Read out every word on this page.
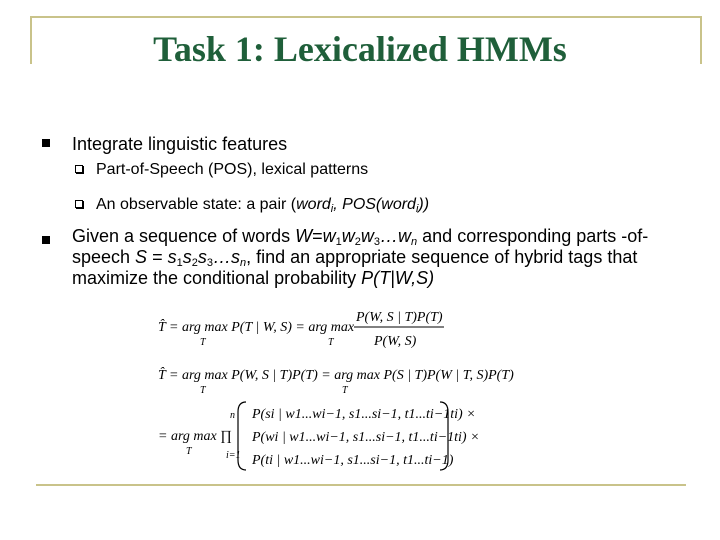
Task 1: Lexicalized HMMs
Integrate linguistic features
Part-of-Speech (POS), lexical patterns
An observable state: a pair (word$_i$, POS(word$_i$))
Given a sequence of words $W=w_1w_2w_3\dots w_n$ and corresponding parts -of-speech $S = s_1s_2s_3\dots s_n$, find an appropriate sequence of hybrid tags that maximize the conditional probability P(T|W,S)
T̂ = arg max P(T | W, S) = arg max
T	T
P(W, S | T)P(T)
P(W, S)
T̂ = arg max P(W, S | T)P(T) = arg max P(S | T)P(W | T, S)P(T)
T	T
= arg max ∏
T
n
i=1
P(si | w1...wi−1, s1...si−1, t1...ti−1ti) ×
P(wi | w1...wi−1, s1...si−1, t1...ti−1ti) ×
P(ti | w1...wi−1, s1...si−1, t1...ti−1)
